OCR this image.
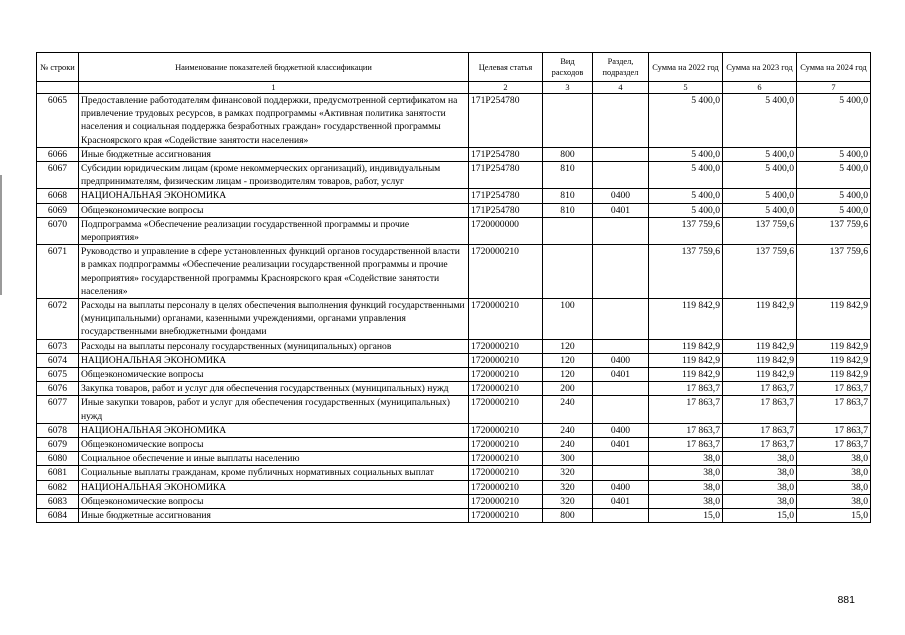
№ строки	Наименование показателей бюджетной классификации	Целевая статья	Вид расходов	Раздел, подраздел	Сумма на 2022 год	Сумма на 2023 год	Сумма на 2024 год
	1	2	3	4	5	6	7
6065	Предоставление работодателям финансовой поддержки, предусмотренной сертификатом на привлечение трудовых ресурсов, в рамках подпрограммы «Активная политика занятости населения и социальная поддержка безработных граждан» государственной программы Красноярского края «Содействие занятости населения»	171P254780			5 400,0	5 400,0	5 400,0
6066	Иные бюджетные ассигнования	171P254780	800		5 400,0	5 400,0	5 400,0
6067	Субсидии юридическим лицам (кроме некоммерческих организаций), индивидуальным предпринимателям, физическим лицам - производителям товаров, работ, услуг	171P254780	810		5 400,0	5 400,0	5 400,0
6068	НАЦИОНАЛЬНАЯ ЭКОНОМИКА	171P254780	810	0400	5 400,0	5 400,0	5 400,0
6069	Общеэкономические вопросы	171P254780	810	0401	5 400,0	5 400,0	5 400,0
6070	Подпрограмма «Обеспечение реализации государственной программы и прочие мероприятия»	1720000000			137 759,6	137 759,6	137 759,6
6071	Руководство и управление в сфере установленных функций органов государственной власти в рамках подпрограммы «Обеспечение реализации государственной программы и прочие мероприятия» государственной программы Красноярского края «Содействие занятости населения»	1720000210			137 759,6	137 759,6	137 759,6
6072	Расходы на выплаты персоналу в целях обеспечения выполнения функций государственными (муниципальными) органами, казенными учреждениями, органами управления государственными внебюджетными фондами	1720000210	100		119 842,9	119 842,9	119 842,9
6073	Расходы на выплаты персоналу государственных (муниципальных) органов	1720000210	120		119 842,9	119 842,9	119 842,9
6074	НАЦИОНАЛЬНАЯ ЭКОНОМИКА	1720000210	120	0400	119 842,9	119 842,9	119 842,9
6075	Общеэкономические вопросы	1720000210	120	0401	119 842,9	119 842,9	119 842,9
6076	Закупка товаров, работ и услуг для обеспечения государственных (муниципальных) нужд	1720000210	200		17 863,7	17 863,7	17 863,7
6077	Иные закупки товаров, работ и услуг для обеспечения государственных (муниципальных) нужд	1720000210	240		17 863,7	17 863,7	17 863,7
6078	НАЦИОНАЛЬНАЯ ЭКОНОМИКА	1720000210	240	0400	17 863,7	17 863,7	17 863,7
6079	Общеэкономические вопросы	1720000210	240	0401	17 863,7	17 863,7	17 863,7
6080	Социальное обеспечение и иные выплаты населению	1720000210	300		38,0	38,0	38,0
6081	Социальные выплаты гражданам, кроме публичных нормативных социальных выплат	1720000210	320		38,0	38,0	38,0
6082	НАЦИОНАЛЬНАЯ ЭКОНОМИКА	1720000210	320	0400	38,0	38,0	38,0
6083	Общеэкономические вопросы	1720000210	320	0401	38,0	38,0	38,0
6084	Иные бюджетные ассигнования	1720000210	800		15,0	15,0	15,0
881
